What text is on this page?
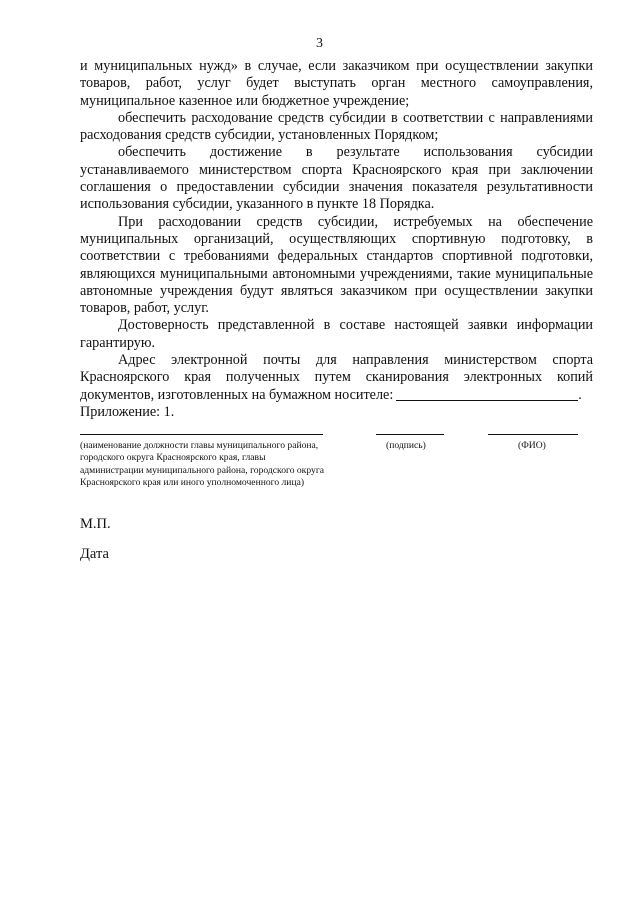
3

и муниципальных нужд» в случае, если заказчиком при осуществлении закупки товаров, работ, услуг будет выступать орган местного самоуправления, муниципальное казенное или бюджетное учреждение;

обеспечить расходование средств субсидии в соответствии с направлениями расходования средств субсидии, установленных Порядком;

обеспечить достижение в результате использования субсидии устанавливаемого министерством спорта Красноярского края при заключении соглашения о предоставлении субсидии значения показателя результативности использования субсидии, указанного в пункте 18 Порядка.

При расходовании средств субсидии, истребуемых на обеспечение муниципальных организаций, осуществляющих спортивную подготовку, в соответствии с требованиями федеральных стандартов спортивной подготовки, являющихся муниципальными автономными учреждениями, такие муниципальные автономные учреждения будут являться заказчиком при осуществлении закупки товаров, работ, услуг.

Достоверность представленной в составе настоящей заявки информации гарантирую.

Адрес электронной почты для направления министерством спорта Красноярского края полученных путем сканирования электронных копий документов, изготовленных на бумажном носителе:	.

Приложение: 1.

(наименование должности главы муниципального района, городского округа Красноярского края, главы администрации муниципального района, городского округа Красноярского края или иного уполномоченного лица)
(подпись)	(ФИО)
М.П.
Дата
